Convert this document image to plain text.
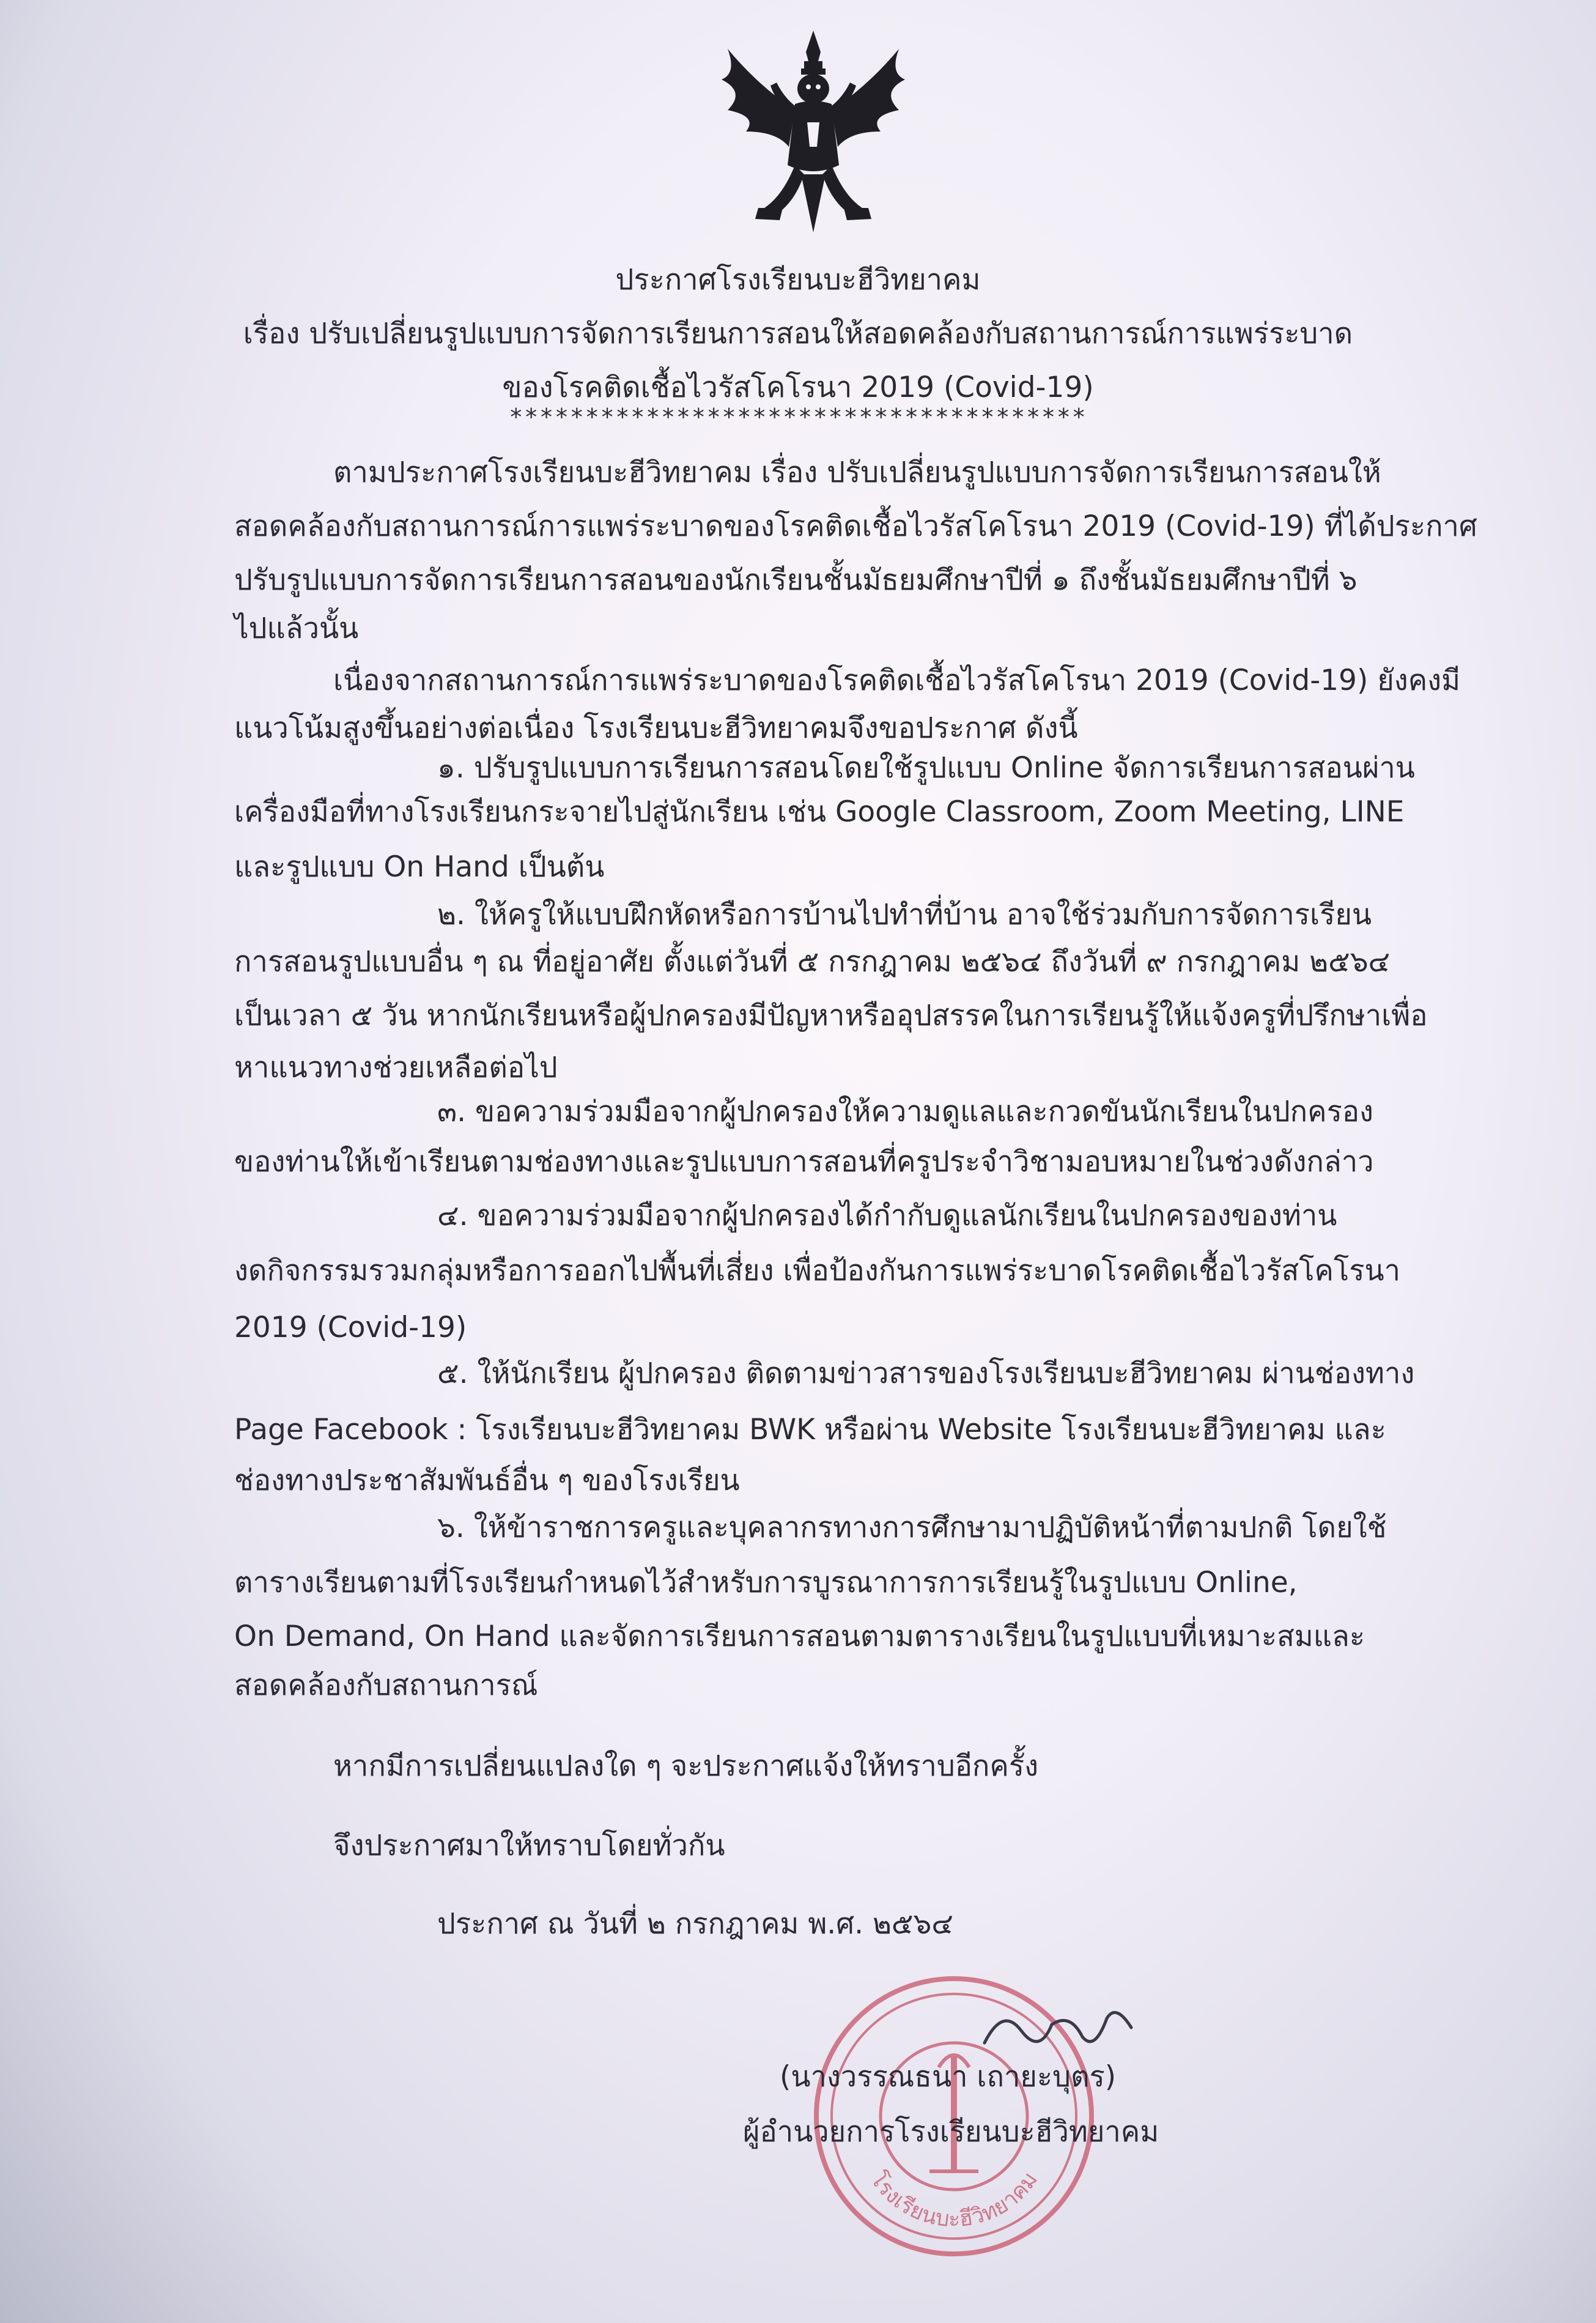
ประกาศโรงเรียนบะฮีวิทยาคม
เรื่อง ปรับเปลี่ยนรูปแบบการจัดการเรียนการสอนให้สอดคล้องกับสถานการณ์การแพร่ระบาด
ของโรคติดเชื้อไวรัสโคโรนา 2019 (Covid-19)
**************************************
ตามประกาศโรงเรียนบะฮีวิทยาคม เรื่อง ปรับเปลี่ยนรูปแบบการจัดการเรียนการสอนให้
สอดคล้องกับสถานการณ์การแพร่ระบาดของโรคติดเชื้อไวรัสโคโรนา 2019 (Covid-19) ที่ได้ประกาศ
ปรับรูปแบบการจัดการเรียนการสอนของนักเรียนชั้นมัธยมศึกษาปีที่ ๑ ถึงชั้นมัธยมศึกษาปีที่ ๖
ไปแล้วนั้น
เนื่องจากสถานการณ์การแพร่ระบาดของโรคติดเชื้อไวรัสโคโรนา 2019 (Covid-19) ยังคงมี
แนวโน้มสูงขึ้นอย่างต่อเนื่อง โรงเรียนบะฮีวิทยาคมจึงขอประกาศ ดังนี้
๑. ปรับรูปแบบการเรียนการสอนโดยใช้รูปแบบ Online จัดการเรียนการสอนผ่าน
เครื่องมือที่ทางโรงเรียนกระจายไปสู่นักเรียน เช่น Google Classroom, Zoom Meeting, LINE
และรูปแบบ On Hand เป็นต้น
๒. ให้ครูให้แบบฝึกหัดหรือการบ้านไปทำที่บ้าน อาจใช้ร่วมกับการจัดการเรียน
การสอนรูปแบบอื่น ๆ ณ ที่อยู่อาศัย ตั้งแต่วันที่ ๕ กรกฎาคม ๒๕๖๔ ถึงวันที่ ๙ กรกฎาคม ๒๕๖๔
เป็นเวลา ๕ วัน หากนักเรียนหรือผู้ปกครองมีปัญหาหรืออุปสรรคในการเรียนรู้ให้แจ้งครูที่ปรึกษาเพื่อ
หาแนวทางช่วยเหลือต่อไป
๓. ขอความร่วมมือจากผู้ปกครองให้ความดูแลและกวดขันนักเรียนในปกครอง
ของท่านให้เข้าเรียนตามช่องทางและรูปแบบการสอนที่ครูประจำวิชามอบหมายในช่วงดังกล่าว
๔. ขอความร่วมมือจากผู้ปกครองได้กำกับดูแลนักเรียนในปกครองของท่าน
งดกิจกรรมรวมกลุ่มหรือการออกไปพื้นที่เสี่ยง เพื่อป้องกันการแพร่ระบาดโรคติดเชื้อไวรัสโคโรนา
2019 (Covid-19)
๕. ให้นักเรียน ผู้ปกครอง ติดตามข่าวสารของโรงเรียนบะฮีวิทยาคม ผ่านช่องทาง
Page Facebook : โรงเรียนบะฮีวิทยาคม BWK หรือผ่าน Website โรงเรียนบะฮีวิทยาคม และ
ช่องทางประชาสัมพันธ์อื่น ๆ ของโรงเรียน
๖. ให้ข้าราชการครูและบุคลากรทางการศึกษามาปฏิบัติหน้าที่ตามปกติ โดยใช้
ตารางเรียนตามที่โรงเรียนกำหนดไว้สำหรับการบูรณาการการเรียนรู้ในรูปแบบ Online,
On Demand, On Hand และจัดการเรียนการสอนตามตารางเรียนในรูปแบบที่เหมาะสมและ
สอดคล้องกับสถานการณ์
หากมีการเปลี่ยนแปลงใด ๆ จะประกาศแจ้งให้ทราบอีกครั้ง
จึงประกาศมาให้ทราบโดยทั่วกัน
ประกาศ ณ วันที่ ๒ กรกฎาคม พ.ศ. ๒๕๖๔
โรงเรียนบะฮีวิทยาคม
(นางวรรณธนา เถายะบุตร)
ผู้อำนวยการโรงเรียนบะฮีวิทยาคม
